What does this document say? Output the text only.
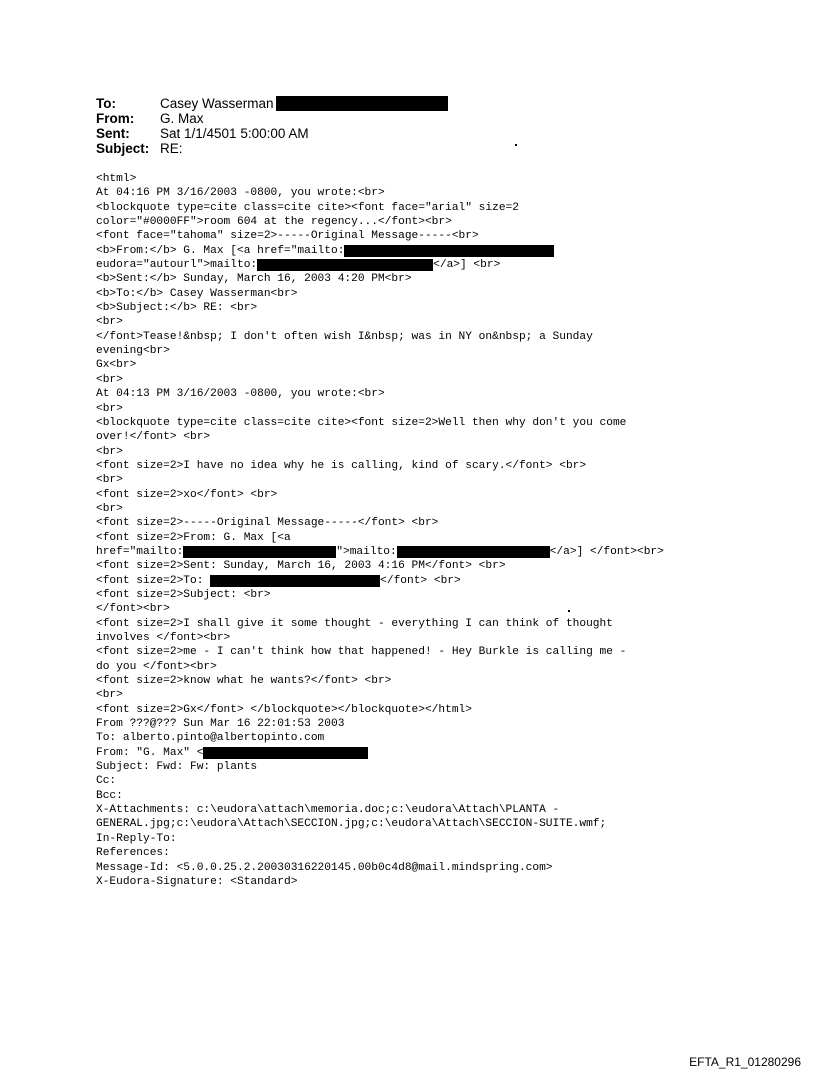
To:	Casey Wasserman
From: G. Max
Sent: Sat 1/1/4501 5:00:00 AM
Subject: RE:
<html>
At 04:16 PM 3/16/2003 -0800, you wrote:<br>
<blockquote type=cite class=cite cite><font face="arial" size=2
color="#0000FF">room 604 at the regency...</font><br>
<font face="tahoma" size=2>-----Original Message-----<br>
<b>From:</b> G. Max [<a href="mailto:
eudora="autourl">mailto:	</a>] <br>
<b>Sent:</b> Sunday, March 16, 2003 4:20 PM<br>
<b>To:</b> Casey Wasserman<br>
<b>Subject:</b> RE: <br>
<br>
</font>Tease!&nbsp; I don't often wish I&nbsp; was in NY on&nbsp; a Sunday
evening<br>
Gx<br>
<br>
At 04:13 PM 3/16/2003 -0800, you wrote:<br>
<br>
<blockquote type=cite class=cite cite><font size=2>Well then why don't you come
over!</font> <br>
<br>
<font size=2>I have no idea why he is calling, kind of scary.</font> <br>
<br>
<font size=2>xo</font> <br>
<br>
<font size=2>-----Original Message-----</font> <br>
<font size=2>From: G. Max [<a
href="mailto:	">mailto:	</a>] </font><br>
<font size=2>Sent: Sunday, March 16, 2003 4:16 PM</font> <br>
<font size=2>To:	</font> <br>
<font size=2>Subject: <br>
</font><br>
<font size=2>I shall give it some thought - everything I can think of thought
involves </font><br>
<font size=2>me - I can't think how that happened! - Hey Burkle is calling me -
do you </font><br>
<font size=2>know what he wants?</font> <br>
<br>
<font size=2>Gx</font> </blockquote></blockquote></html>
From ???@??? Sun Mar 16 22:01:53 2003
To: alberto.pinto@albertopinto.com
From: "G. Max" <
Subject: Fwd: Fw: plants
Cc:
Bcc:
X-Attachments: c:\eudora\attach\memoria.doc;c:\eudora\Attach\PLANTA -
GENERAL.jpg;c:\eudora\Attach\SECCION.jpg;c:\eudora\Attach\SECCION-SUITE.wmf;
In-Reply-To:
References:
Message-Id: <5.0.0.25.2.20030316220145.00b0c4d8@mail.mindspring.com>
X-Eudora-Signature: <Standard>
EFTA_R1_01280296
